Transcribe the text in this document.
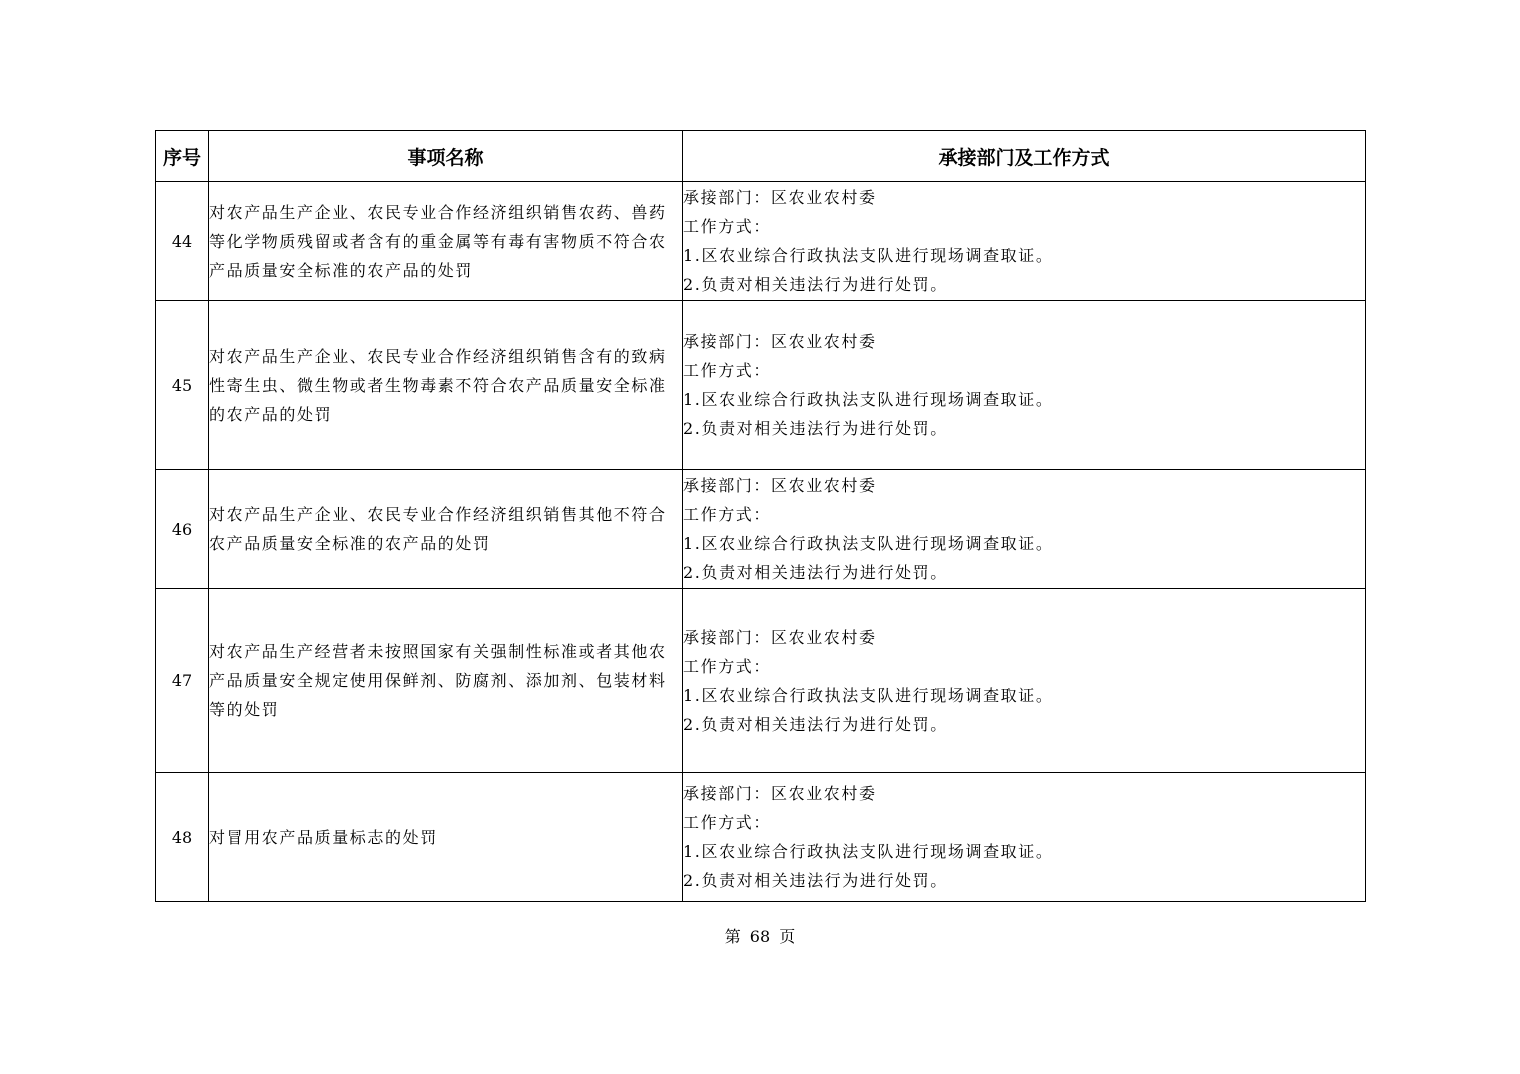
序号	事项名称	承接部门及工作方式
44	对农产品生产企业、农民专业合作经济组织销售农药、兽药等化学物质残留或者含有的重金属等有毒有害物质不符合农产品质量安全标准的农产品的处罚	承接部门：区农业农村委
工作方式：
1.区农业综合行政执法支队进行现场调查取证。
2.负责对相关违法行为进行处罚。

45	对农产品生产企业、农民专业合作经济组织销售含有的致病性寄生虫、微生物或者生物毒素不符合农产品质量安全标准的农产品的处罚	承接部门：区农业农村委
工作方式：
1.区农业综合行政执法支队进行现场调查取证。
2.负责对相关违法行为进行处罚。

46	对农产品生产企业、农民专业合作经济组织销售其他不符合农产品质量安全标准的农产品的处罚	承接部门：区农业农村委
工作方式：
1.区农业综合行政执法支队进行现场调查取证。
2.负责对相关违法行为进行处罚。

47	对农产品生产经营者未按照国家有关强制性标准或者其他农产品质量安全规定使用保鲜剂、防腐剂、添加剂、包装材料等的处罚	承接部门：区农业农村委
工作方式：
1.区农业综合行政执法支队进行现场调查取证。
2.负责对相关违法行为进行处罚。

48	对冒用农产品质量标志的处罚	承接部门：区农业农村委
工作方式：
1.区农业综合行政执法支队进行现场调查取证。
2.负责对相关违法行为进行处罚。
第 68 页
